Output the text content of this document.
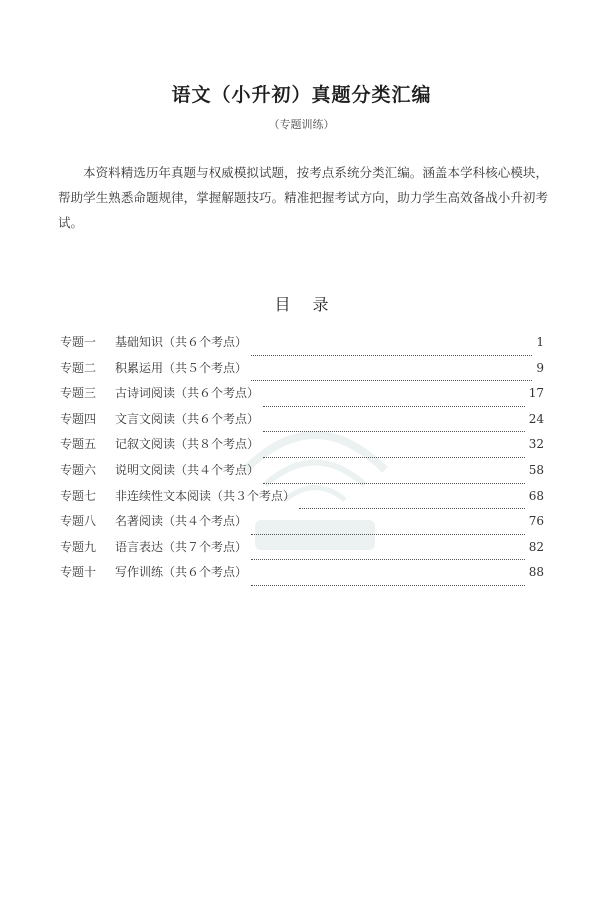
语文（小升初）真题分类汇编
（专题训练）
本资料精选历年真题与权威模拟试题，按考点系统分类汇编。涵盖本学科核心模块，帮助学生熟悉命题规律，掌握解题技巧。精准把握考试方向，助力学生高效备战小升初考试。
目录
专题一	基础知识（共６个考点）	1
专题二	积累运用（共５个考点）	9
专题三	古诗词阅读（共６个考点）	17
专题四	文言文阅读（共６个考点）	24
专题五	记叙文阅读（共８个考点）	32
专题六	说明文阅读（共４个考点）	58
专题七	非连续性文本阅读（共３个考点）	68
专题八	名著阅读（共４个考点）	76
专题九	语言表达（共７个考点）	82
专题十	写作训练（共６个考点）	88
